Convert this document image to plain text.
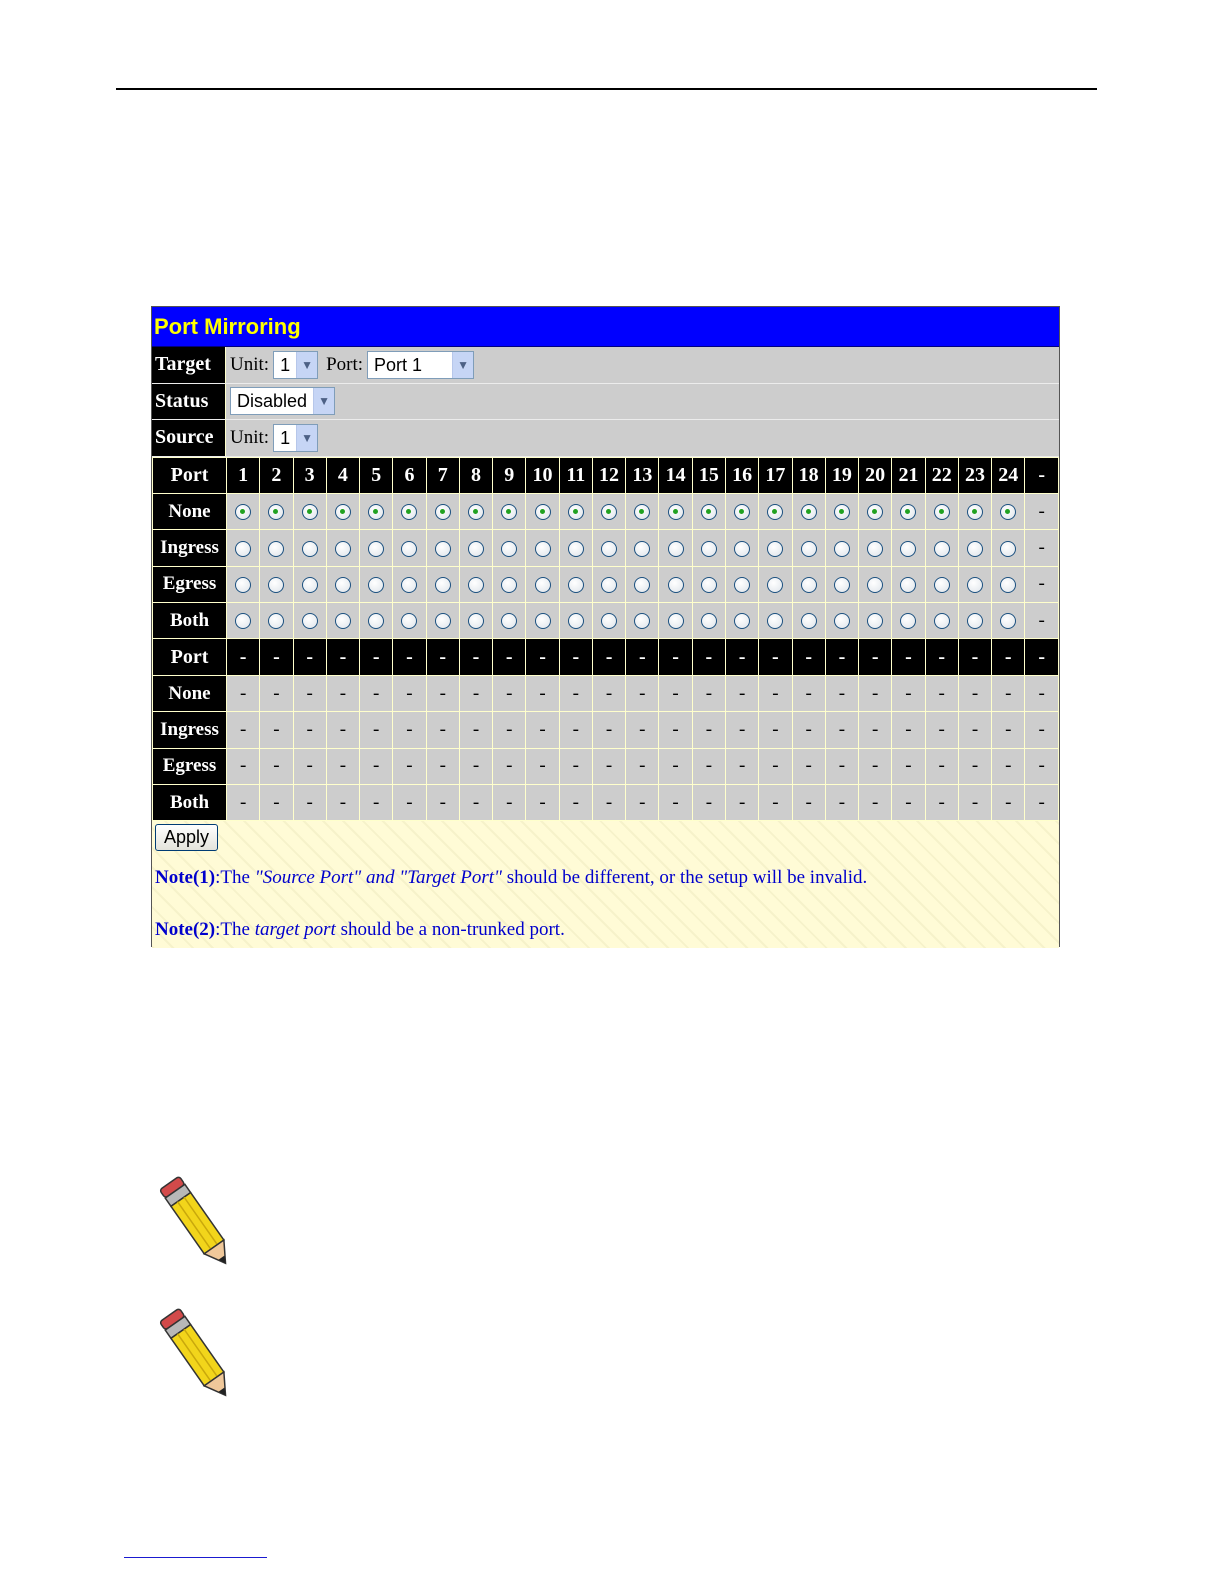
Port Mirroring
Target	Unit: 1 ▼ Port: Port 1	▼
Status	Disabled ▼
Source Unit: 1 ▼
Port	1	2	3	4	5	6	7	8	9	10	11	12	13	14	15	16	17	18	19	20	21	22	23	24	-
None																									-
Ingress																									-
Egress																									-
Both																									-
Port	-	-	-	-	-	-	-	-	-	-	-	-	-	-	-	-	-	-	-	-	-	-	-	-	-
None	-	-	-	-	-	-	-	-	-	-	-	-	-	-	-	-	-	-	-	-	-	-	-	-	-
Ingress	-	-	-	-	-	-	-	-	-	-	-	-	-	-	-	-	-	-	-	-	-	-	-	-	-
Egress	-	-	-	-	-	-	-	-	-	-	-	-	-	-	-	-	-	-	-	-	-	-	-	-	-
Both	-	-	-	-	-	-	-	-	-	-	-	-	-	-	-	-	-	-	-	-	-	-	-	-	-
Apply
Note(1):The "Source Port" and "Target Port" should be different, or the setup will be invalid.
Note(2):The target port should be a non-trunked port.
